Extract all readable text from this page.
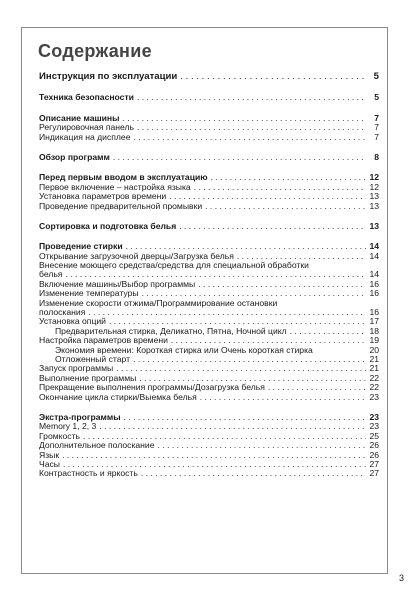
Содержание
Инструкция по эксплуатации . . .	5
Техника безопасности . . .	5
Описание машины . . .	7
Регулировочная панель . . .	7
Индикация на дисплее . . .	7
Обзор программ . . .	8
Перед первым вводом в эксплуатацию . . .	12
Первое включение – настройка языка . . .	12
Установка параметров времени . . .	13
Проведение предварительной промывки . . .	13
Сортировка и подготовка белья . . .	13
Проведение стирки . . .	14
Открывание загрузочной дверцы/Загрузка белья . . .	14
Внесение моющего средства/средства для специальной обработки
белья . . .	14
Включение машины/Выбор программы . . .	16
Изменение температуры . . .	16
Изменение скорости отжима/Программирование остановки
полоскания . . .	16
Установка опций . . .	17
Предварительная стирка, Деликатно, Пятна, Ночной цикл . . .	18
Настройка параметров времени . . .	19
Экономия времени: Короткая стирка или Очень короткая стирка	20
Отложенный старт . . .	21
Запуск программы . . .	21
Выполнение программы . . .	22
Прекращение выполнения программы/Дозагрузка белья . . .	22
Окончание цикла стирки/Выемка белья . . .	23
Экстра-программы . . .	23
Memory 1, 2, 3 . . .	23
Громкость . . .	25
Дополнительное полоскание . . .	26
Язык . . .	26
Часы . . .	27
Контрастность и яркость . . .	27
3
